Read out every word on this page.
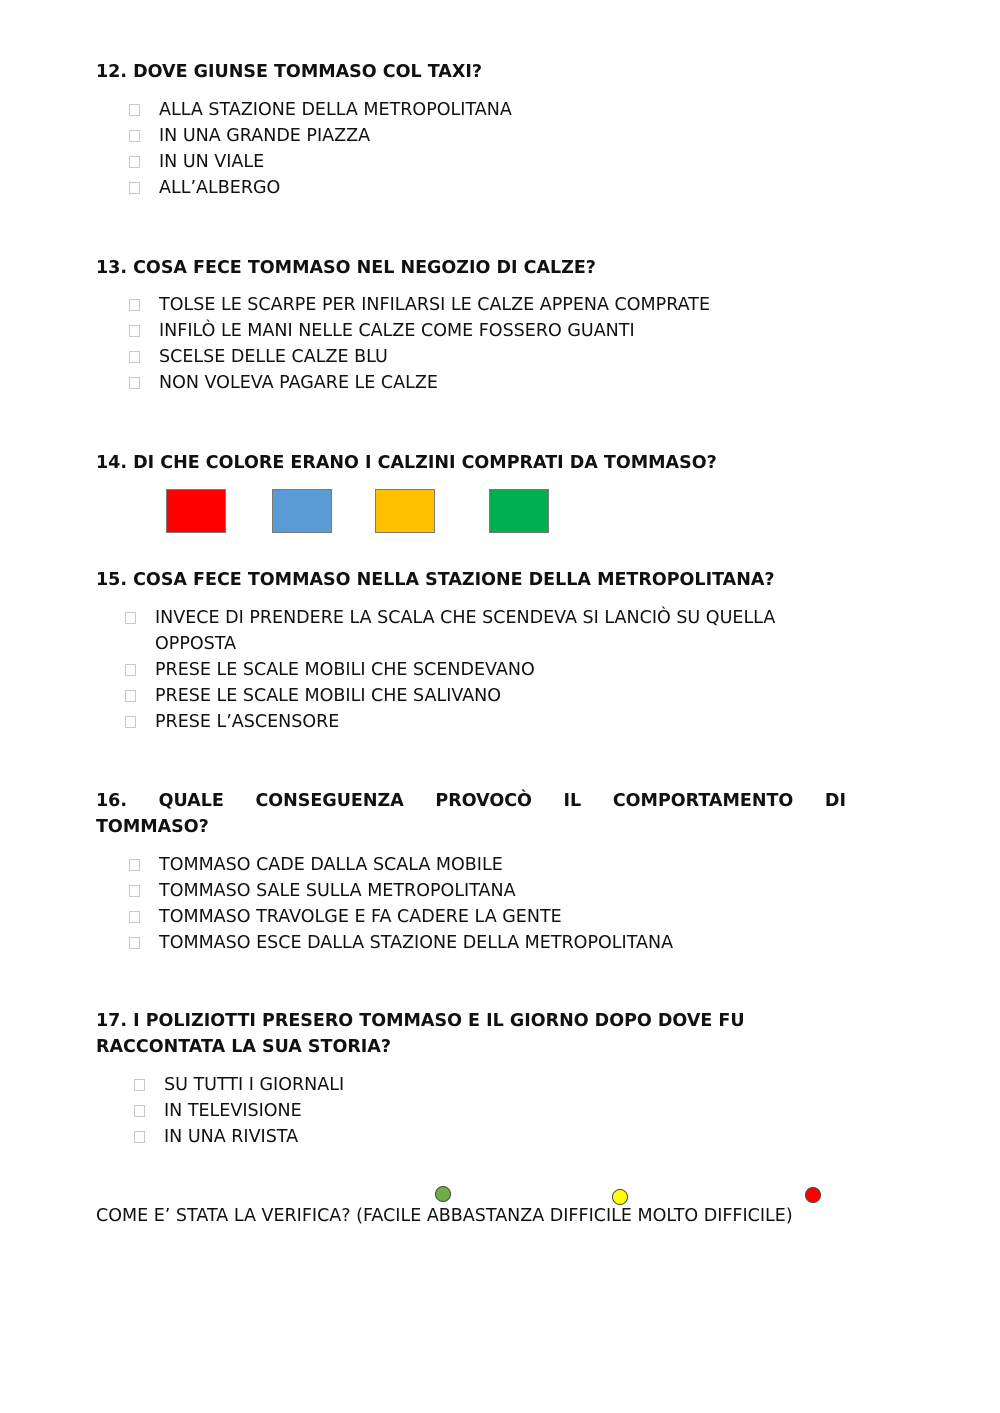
12. DOVE GIUNSE TOMMASO COL TAXI?
ALLA STAZIONE DELLA METROPOLITANA
IN UNA GRANDE PIAZZA
IN UN VIALE
ALL’ALBERGO
13. COSA FECE TOMMASO NEL NEGOZIO DI CALZE?
TOLSE LE SCARPE PER INFILARSI LE CALZE APPENA COMPRATE
INFILÒ LE MANI NELLE CALZE COME FOSSERO GUANTI
SCELSE DELLE CALZE BLU
NON VOLEVA PAGARE LE CALZE
14. DI CHE COLORE ERANO I CALZINI COMPRATI DA TOMMASO?
15. COSA FECE TOMMASO NELLA STAZIONE DELLA METROPOLITANA?
INVECE DI PRENDERE LA SCALA CHE SCENDEVA SI LANCIÒ SU QUELLA
OPPOSTA
PRESE LE SCALE MOBILI CHE SCENDEVANO
PRESE LE SCALE MOBILI CHE SALIVANO
PRESE L’ASCENSORE
16. QUALE CONSEGUENZA PROVOCÒ IL COMPORTAMENTO DI
TOMMASO?
TOMMASO CADE DALLA SCALA MOBILE
TOMMASO SALE SULLA METROPOLITANA
TOMMASO TRAVOLGE E FA CADERE LA GENTE
TOMMASO ESCE DALLA STAZIONE DELLA METROPOLITANA
17. I POLIZIOTTI PRESERO TOMMASO E IL GIORNO DOPO DOVE FU
RACCONTATA LA SUA STORIA?
SU TUTTI I GIORNALI
IN TELEVISIONE
IN UNA RIVISTA
COME E’ STATA LA VERIFICA? (FACILE ABBASTANZA DIFFICILE MOLTO DIFFICILE)
